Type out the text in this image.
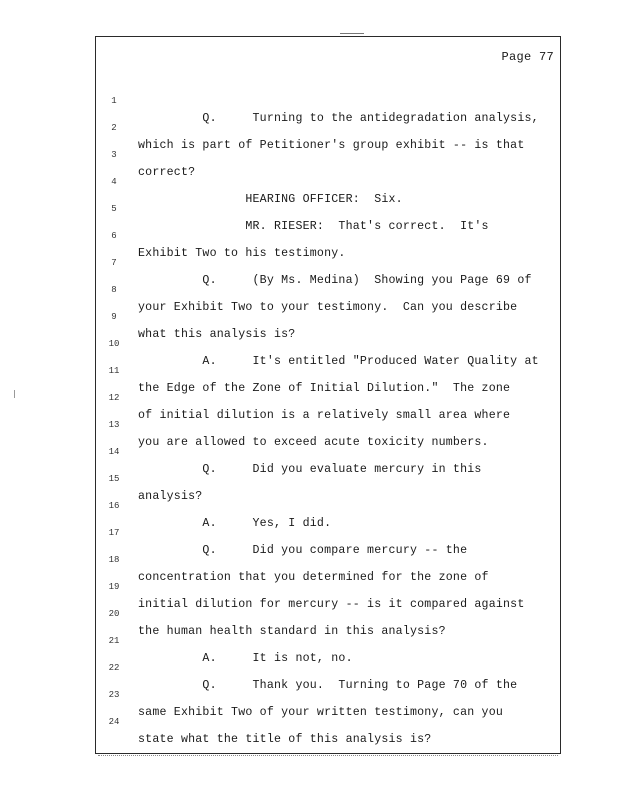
Page 77

1

Q.     Turning to the antidegradation analysis,

2

which is part of Petitioner's group exhibit -- is that

3

correct?

4

HEARING OFFICER:  Six.

5

MR. RIESER:  That's correct.  It's

6

Exhibit Two to his testimony.

7

Q.     (By Ms. Medina)  Showing you Page 69 of

8

your Exhibit Two to your testimony.  Can you describe

9

what this analysis is?

10

A.     It's entitled "Produced Water Quality at

11

the Edge of the Zone of Initial Dilution."  The zone

12

of initial dilution is a relatively small area where

13

you are allowed to exceed acute toxicity numbers.

14

Q.     Did you evaluate mercury in this

15

analysis?

16

A.     Yes, I did.

17

Q.     Did you compare mercury -- the

18

concentration that you determined for the zone of

19

initial dilution for mercury -- is it compared against

20

the human health standard in this analysis?

21

A.     It is not, no.

22

Q.     Thank you.  Turning to Page 70 of the

23

same Exhibit Two of your written testimony, can you

24

state what the title of this analysis is?
